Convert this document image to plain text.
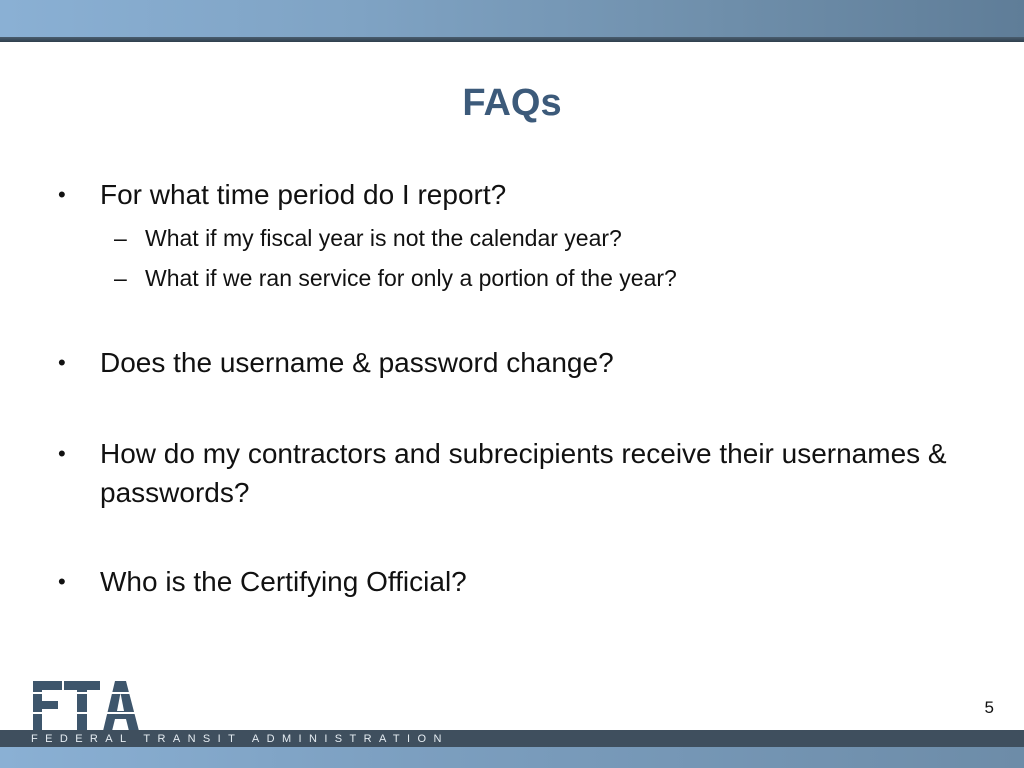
FAQs
•	For what time period do I report?
– What if my fiscal year is not the calendar year?
– What if we ran service for only a portion of the year?
•	Does the username & password change?
•	How do my contractors and subrecipients receive their usernames & passwords?
•	Who is the Certifying Official?
5
FEDERAL TRANSIT ADMINISTRATION
